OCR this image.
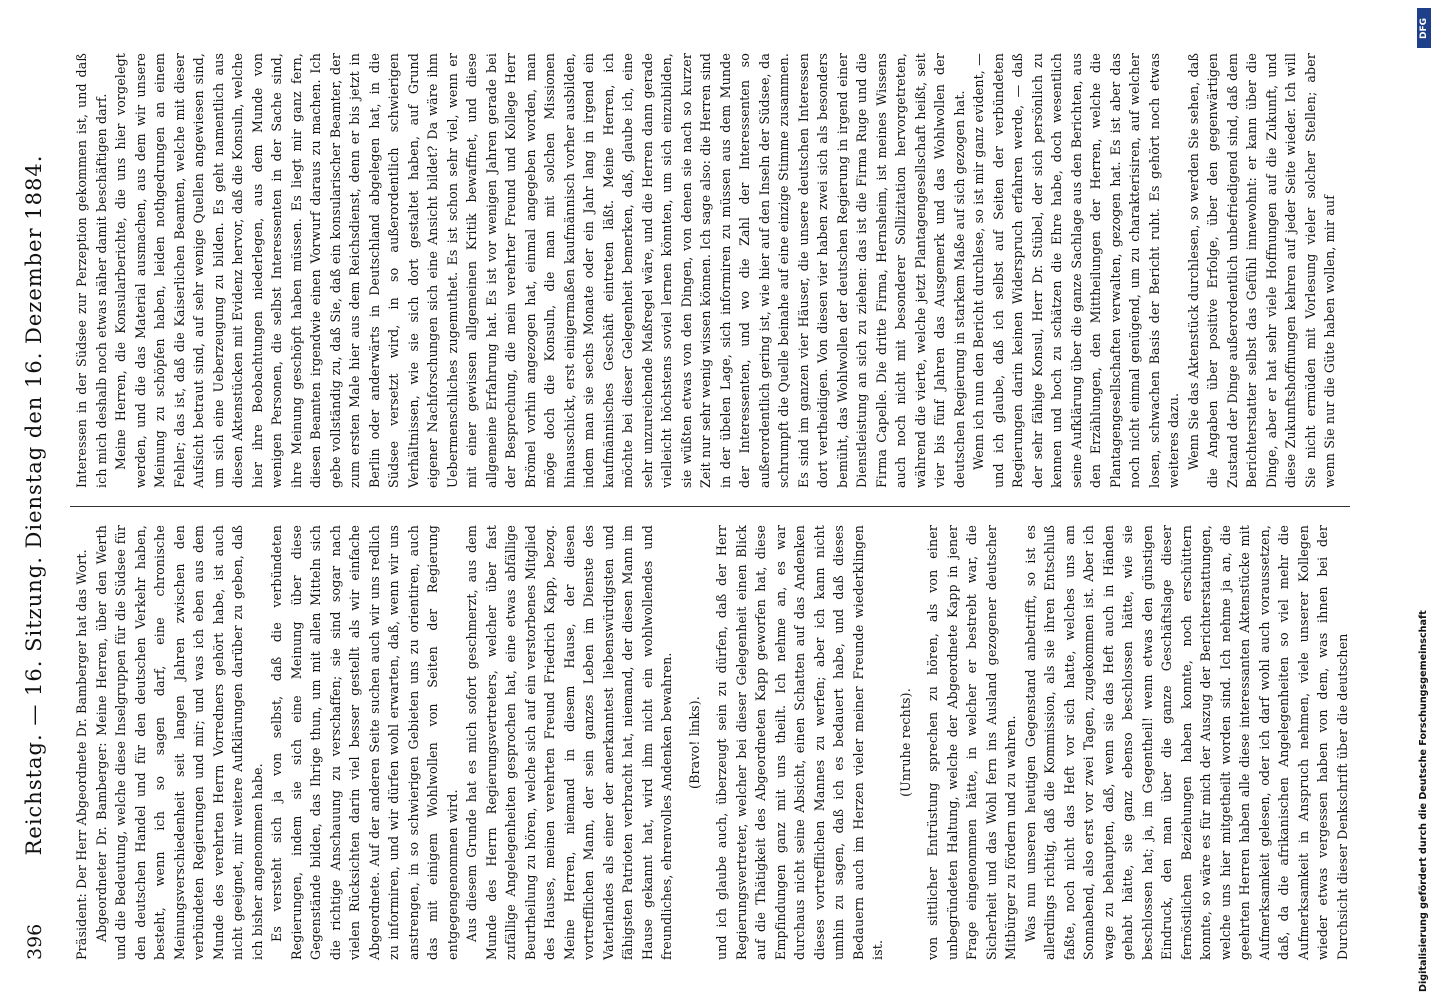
396
Reichstag. — 16. Sitzung. Dienstag den 16. Dezember 1884. Präsident: Der Herr Abgeordnete Dr. Bamberger hat das Wort. Abgeordneter Dr. Bamberger: Meine Herren, über den Werth und die Bedeutung, welche diese Inselgruppen für die Südsee für den deutschen Handel und für den deutschen Verkehr haben, besteht, wenn ich so sagen darf, eine chronische Meinungsverschiedenheit seit langen Jahren zwischen den verbündeten Regierungen und mir; und was ich eben aus dem Munde des verehrten Herrn Vorredners gehört habe, ist auch nicht geeignet, mir weitere Aufklärungen darüber zu geben, daß ich bisher angenommen habe. Es versteht sich ja von selbst, daß die verbündeten Regierungen, indem sie sich eine Meinung über diese Gegenstände bilden, das Ihrige thun, um mit allen Mitteln sich die richtige Anschauung zu verschaffen; sie sind sogar nach vielen Rücksichten darin viel besser gestellt als wir einfache Abgeordnete. Auf der anderen Seite suchen auch wir uns redlich zu informiren, und wir dürfen wohl erwarten, daß, wenn wir uns anstrengen, in so schwierigen Gebieten uns zu orientiren, auch das mit einigem Wohlwollen von Seiten der Regierung entgegengenommen wird. Aus diesem Grunde hat es mich sofort geschmerzt, aus dem Munde des Herrn Regierungsvertreters, welcher über fast zufällige Angelegenheiten gesprochen hat, eine etwas abfällige Beurtheilung zu hören, welche sich auf ein verstorbenes Mitglied des Hauses, meinen verehrten Freund Friedrich Kapp, bezog. Meine Herren, niemand in diesem Hause, der diesen vortrefflichen Mann, der sein ganzes Leben im Dienste des Vaterlandes als einer der anerkanntest liebenswürdigsten und fähigsten Patrioten verbracht hat, niemand, der diesen Mann im Hause gekannt hat, wird ihm nicht ein wohlwollendes und freundliches, ehrenvolles Andenken bewahren. (Bravo! links). und ich glaube auch, überzeugt sein zu dürfen, daß der Herr Regierungsvertreter, welcher bei dieser Gelegenheit einen Blick auf die Thätigkeit des Abgeordneten Kapp geworfen hat, diese Empfindungen ganz mit uns theilt. Ich nehme an, es war durchaus nicht seine Absicht, einen Schatten auf das Andenken dieses vortrefflichen Mannes zu werfen; aber ich kann nicht umhin zu sagen, daß ich es bedauert habe, und daß dieses Bedauern auch im Herzen vieler meiner Freunde wiederklingen ist.

(Unruhe rechts). von sittlicher Entrüstung sprechen zu hören, als von einer unbegründeten Haltung, welche der Abgeordnete Kapp in jener Frage eingenommen hätte, in welcher er bestrebt war, die Sicherheit und das Wohl fern ins Ausland gezogener deutscher Mitbürger zu fördern und zu wahren. Was nun unseren heutigen Gegenstand anbetrifft, so ist es allerdings richtig, daß die Kommission, als sie ihren Entschluß faßte, noch nicht das Heft vor sich hatte, welches uns am Sonnabend, also erst vor zwei Tagen, zugekommen ist. Aber ich wage zu behaupten, daß, wenn sie das Heft auch in Händen gehabt hätte, sie ganz ebenso beschlossen hätte, wie sie beschlossen hat; ja, im Gegentheil! wenn etwas den günstigen Eindruck, den man über die ganze Geschäftslage dieser fernöstlichen Beziehungen haben konnte, noch erschüttern konnte, so wäre es für mich der Auszug der Berichterstattungen, welche uns hier mitgetheilt worden sind. Ich nehme ja an, die geehrten Herren haben alle diese interessanten Aktenstücke mit Aufmerksamkeit gelesen, oder ich darf wohl auch voraussetzen, daß, da die afrikanischen Angelegenheiten so viel mehr die Aufmerksamkeit in Anspruch nehmen, viele unserer Kollegen wieder etwas vergessen haben von dem, was ihnen bei der Durchsicht dieser Denkschrift über die deutschen

Interessen in der Südsee zur Perzeption gekommen ist, und daß ich mich deshalb noch etwas näher damit beschäftigen darf. Meine Herren, die Konsularberichte, die uns hier vorgelegt werden, und die das Material ausmachen, aus dem wir unsere Meinung zu schöpfen haben, leiden nothgedrungen an einem Fehler; das ist, daß die Kaiserlichen Beamten, welche mit dieser Aufsicht betraut sind, auf sehr wenige Quellen angewiesen sind, um sich eine Ueberzeugung zu bilden. Es geht namentlich aus diesen Aktenstücken mit Evidenz hervor, daß die Konsuln, welche hier ihre Beobachtungen niederlegen, aus dem Munde von wenigen Personen, die selbst Interessenten in der Sache sind, ihre Meinung geschöpft haben müssen. Es liegt mir ganz fern, diesen Beamten irgendwie einen Vorwurf daraus zu machen. Ich gebe vollständig zu, daß Sie, daß ein konsularischer Beamter, der zum ersten Male hier aus dem Reichsdienst, denn er bis jetzt in Berlin oder anderwärts in Deutschland abgelegen hat, in die Südsee versetzt wird, in so außerordentlich schwierigen Verhältnissen, wie sie sich dort gestaltet haben, auf Grund eigener Nachforschungen sich eine Ansicht bildet? Da wäre ihm Uebermenschliches zugemuthet. Es ist schon sehr viel, wenn er mit einer gewissen allgemeinen Kritik bewaffnet, und diese allgemeine Erfahrung hat. Es ist vor wenigen Jahren gerade bei der Besprechung, die mein verehrter Freund und Kollege Herr Brömel vorhin angezogen hat, einmal angegeben worden, man möge doch die Konsuln, die man mit solchen Missionen hinausschickt, erst einigermaßen kaufmännisch vorher ausbilden, indem man sie sechs Monate oder ein Jahr lang in irgend ein kaufmännisches Geschäft eintreten läßt. Meine Herren, ich möchte bei dieser Gelegenheit bemerken, daß, glaube ich, eine sehr unzureichende Maßregel wäre, und die Herren dann gerade vielleicht höchstens soviel lernen könnten, um sich einzubilden, sie wüßten etwas von den Dingen, von denen sie nach so kurzer Zeit nur sehr wenig wissen können. Ich sage also: die Herren sind in der übelen Lage, sich informiren zu müssen aus dem Munde der Interessenten, und wo die Zahl der Interessenten so außerordentlich gering ist, wie hier auf den Inseln der Südsee, da schrumpft die Quelle beinahe auf eine einzige Stimme zusammen. Es sind im ganzen vier Häuser, die unsere deutschen Interessen dort vertheidigen. Von diesen vier haben zwei sich als besonders bemüht, das Wohlwollen der deutschen Regierung in irgend einer Dienstleistung an sich zu ziehen: das ist die Firma Ruge und die Firma Capelle. Die dritte Firma, Hernsheim, ist meines Wissens auch noch nicht mit besonderer Sollizitation hervorgetreten, während die vierte, welche jetzt Plantagengesellschaft heißt, seit vier bis fünf Jahren das Ausgemerk und das Wohlwollen der deutschen Regierung in starkem Maße auf sich gezogen hat. Wenn ich nun den Bericht durchlese, so ist mir ganz evident, — und ich glaube, daß ich selbst auf Seiten der verbündeten Regierungen darin keinen Widerspruch erfahren werde, — daß der sehr fähige Konsul, Herr Dr. Stübel, der sich persönlich zu kennen und hoch zu schätzen die Ehre habe, doch wesentlich seine Aufklärung über die ganze Sachlage aus den Berichten, aus den Erzählungen, den Mittheilungen der Herren, welche die Plantagengesellschaften verwalten, gezogen hat. Es ist aber das noch nicht einmal genügend, um zu charakterisiren, auf welcher losen, schwachen Basis der Bericht ruht. Es gehört noch etwas weiteres dazu. Wenn Sie das Aktenstück durchlesen, so werden Sie sehen, daß die Angaben über positive Erfolge, über den gegenwärtigen Zustand der Dinge außerordentlich unbefriedigend sind, daß dem Berichterstatter selbst das Gefühl innewohnt: er kann über die Dinge, aber er hat sehr viele Hoffnungen auf die Zukunft, und diese Zukunftshoffnungen kehren auf jeder Seite wieder. Ich will Sie nicht ermüden mit Vorlesung vieler solcher Stellen; aber wenn Sie nur die Güte haben wollen, mir auf

DFG
Digitalisierung gefördert durch die Deutsche Forschungsgemeinschaft
